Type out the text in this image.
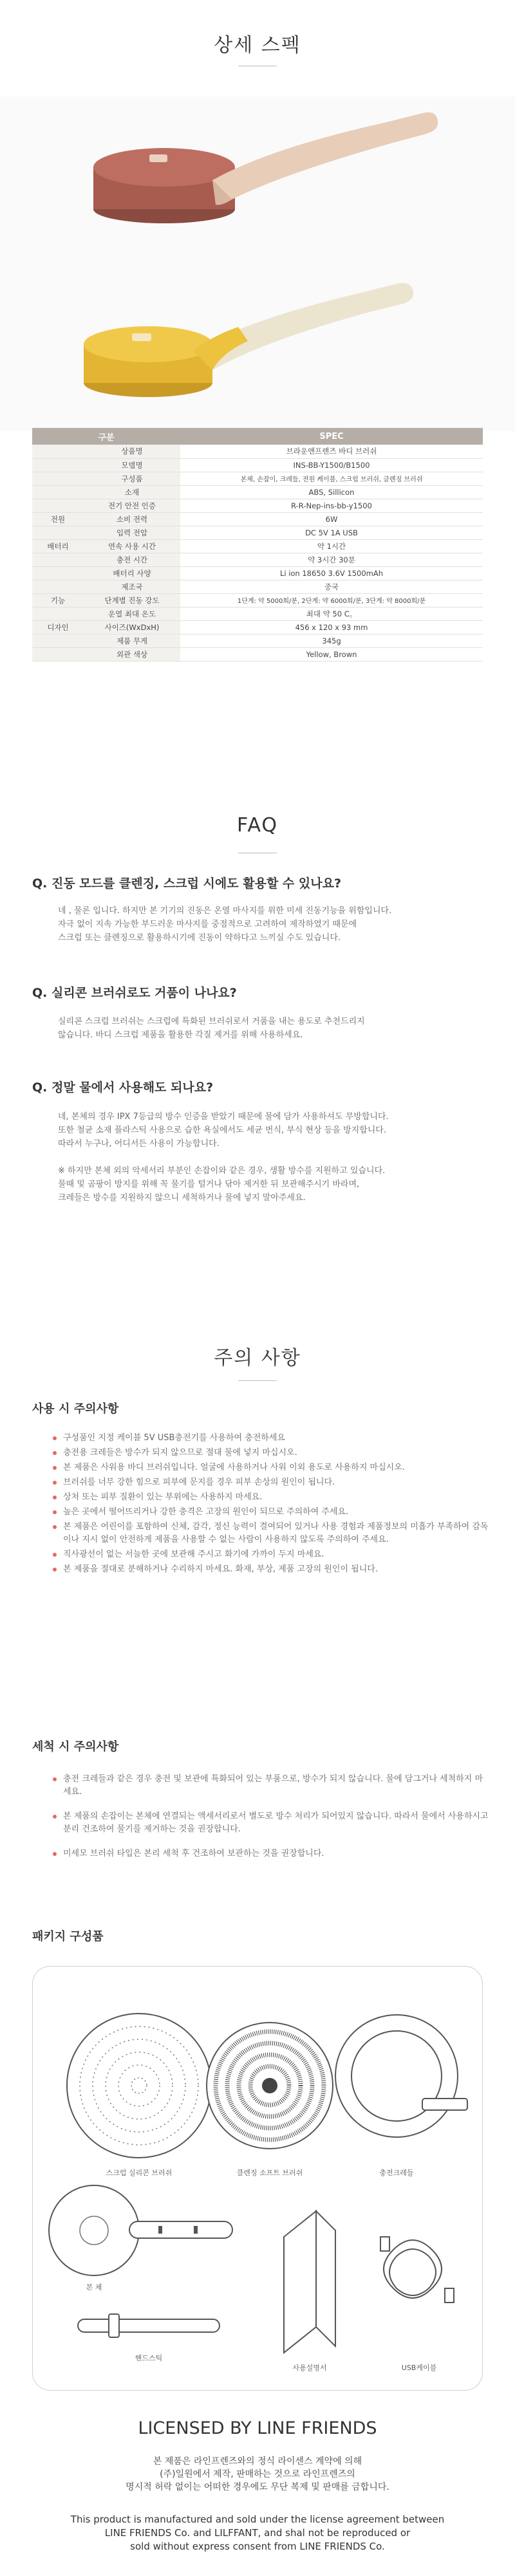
상세 스펙
구분		SPEC
	상품명	브라운앤프렌즈 바디 브러쉬
	모델명	INS-BB-Y1500/B1500
	구성품	본체, 손잡이, 크레들, 전원 케이블, 스크럽 브러쉬, 클렌징 브러쉬
	소재	ABS, Sillicon
	전기 안전 인증	R-R-Nep-ins-bb-y1500
전원	소비 전력	6W
	입력 전압	DC 5V 1A USB
배터리	연속 사용 시간	약 1시간
	충전 시간	약 3시간 30분
	배터리 사양	Li ion 18650 3.6V 1500mAh
	제조국	중국
기능	단계별 진동 강도	1단계: 약 5000회/분, 2단계: 약 6000회/분, 3단계: 약 8000회/분
	운열 최대 온도	최대 약 50 C。
디자인	사이즈(WxDxH)	456 x 120 x 93 mm
	제품 무게	345g
	외관 색상	Yellow, Brown
FAQ
Q. 진동 모드를 클렌징, 스크럽 시에도 활용할 수 있나요?
네 , 물론 입니다. 하지만 본 기기의 진동은 온열 마사지를 위한 미세 진동기능을 위함입니다.
자극 없이 지속 가능한 부드러운 마사지를 중점적으로 고려하여 제작하였기 때문에
스크럽 또는 클렌징으로 활용하시기에 진동이 약하다고 느끼실 수도 있습니다.
Q. 실리콘 브러쉬로도 거품이 나나요?
실리콘 스크럽 브러쉬는 스크럽에 특화된 브러쉬로서 거품을 내는 용도로 추천드리지
않습니다. 바디 스크럽 제품을 활용한 각질 제거를 위해 사용하세요.
Q. 정말 물에서 사용해도 되나요?
네, 본체의 경우 IPX 7등급의 방수 인증을 받았기 때문에 물에 담가 사용하셔도 무방합니다.
또한 철균 소재 플라스틱 사용으로 습한 욕실에서도 세균 번식, 부식 현상 등을 방지합니다.
따라서 누구나, 어디서든 사용이 가능합니다.

※ 하지만 본체 외의 악세서리 부분인 손잡이와 같은 경우, 생활 방수를 지원하고 있습니다.
물때 및 곰팡이 방지를 위해 꼭 물기를 털거나 닦아 제거한 뒤 보관해주시기 바라며,
크레들은 방수를 지원하지 않으니 세척하거나 물에 넣지 말아주세요.
주의 사항
사용 시 주의사항
구성품인 지정 케이블 5V USB충전기를 사용하여 충전하세요
충전용 크레들은 방수가 되지 않으므로 절대 물에 넣지 마십시오.
본 제품은 사워용 바디 브러쉬입니다. 얼굴에 사용하거나 사워 이외 용도로 사용하지 마십시오.
브러쉬를 너무 강한 힘으로 피부에 문지를 경우 피부 손상의 원인이 됩니다.
상처 또는 피부 질환이 있는 부위에는 사용하지 마세요.
높은 곳에서 떨어뜨리거나 강한 충격은 고장의 원인이 되므로 주의하여 주세요.
본 제품은 어린이를 포함하여 신체, 감각, 정신 능력이 결여되어 있거나 사용 경험과 제품정보의 미흡가 부족하여 감독이나 지시 없이 안전하게 제품을 사용할 수 없는 사람이 사용하지 않도록 주의하여 주세요.
직사광선이 없는 서늘한 곳에 보관해 주시고 화기에 가까이 두지 마세요.
본 제품을 절대로 분해하거나 수리하지 마세요. 화재, 부상, 제품 고장의 원인이 됩니다.
세척 시 주의사항
충전 크레들과 같은 경우 충전 및 보관에 특화되어 있는 부품으로, 방수가 되지 않습니다. 물에 담그거나 세척하지 마세요.
본 제품의 손잡이는 본체에 연결되는 액세서리로서 별도로 방수 처리가 되어있지 않습니다. 따라서 물에서 사용하시고 분리 건조하여 물기를 제거하는 것을 권장합니다.
미세모 브러쉬 타입은 본리 세척 후 건조하여 보관하는 것을 권장합니다.
패키지 구성품
스크럽 실리콘 브러쉬	클렌징 소프트 브러쉬	충전크레들
본 체
핸드스틱
사용설명서	USB케이블
LICENSED BY LINE FRIENDS
본 제품은 라인프렌즈와의 정식 라이센스 계약에 의해
(주)일원에서 제작, 판매하는 것으로 라인프렌즈의
명시적 허락 없이는 어떠한 경우에도 무단 복제 및 판매를 금합니다.
This product is manufactured and sold under the license agreement between
LINE FRIENDS Co. and LILFFANT, and shal not be reproduced or
sold without express consent from LINE FRIENDS Co.
